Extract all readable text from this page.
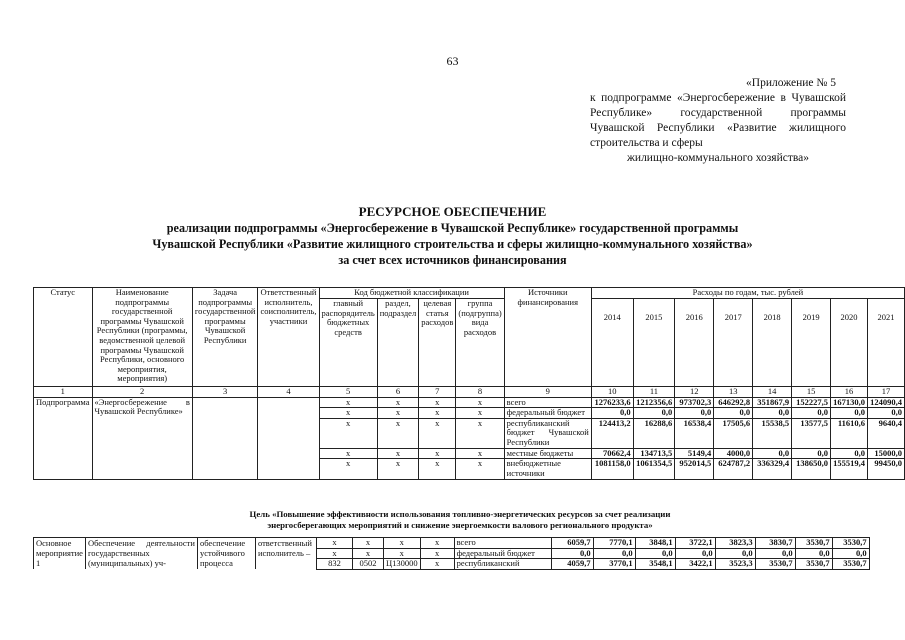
63
«Приложение № 5
к подпрограмме «Энергосбережение в Чувашской Республике» государственной программы Чувашской Республики «Развитие жилищного строительства и сферы
жилищно-коммунального хозяйства»
РЕСУРСНОЕ ОБЕСПЕЧЕНИЕ
реализации подпрограммы «Энергосбережение в Чувашской Республике» государственной программы
Чувашской Республики «Развитие жилищного строительства и сферы жилищно-коммунального хозяйства»
за счет всех источников финансирования
Статус	Наименование подпрограммы государственной программы Чувашской Республики (программы, ведомственной целевой программы Чувашской Республики, основного мероприятия, мероприятия)	Задача подпрограммы государственной программы Чувашской Республики	Ответственный исполнитель, соисполнитель, участники	Код бюджетной классификации				Источники финансирования	Расходы по годам, тыс. рублей							
				главный распорядитель бюджетных средств	раздел, подраздел	целевая статья расходов	группа (подгруппа) вида расходов		2014	2015	2016	2017	2018	2019	2020	2021
1	2	3	4	5	6	7	8	9	10	11	12	13	14	15	16	17
Подпрограмма	«Энергосбережение в Чувашской Республике»			x	x	x	x	всего	1276233,6	1212356,6	973702,3	646292,8	351867,9	152227,5	167130,0	124090,4
				x	x	x	x	федеральный бюджет	0,0	0,0	0,0	0,0	0,0	0,0	0,0	0,0
				x	x	x	x	республиканский бюджет Чувашской Республики	124413,2	16288,6	16538,4	17505,6	15538,5	13577,5	11610,6	9640,4
				x	x	x	x	местные бюджеты	70662,4	134713,5	5149,4	4000,0	0,0	0,0	0,0	15000,0
				x	x	x	x	внебюджетные источники	1081158,0	1061354,5	952014,5	624787,2	336329,4	138650,0	155519,4	99450,0
Цель «Повышение эффективности использования топливно-энергетических ресурсов за счет реализации
энергосберегающих мероприятий и снижение энергоемкости валового регионального продукта»
Основное мероприятие 1	Обеспечение деятельности государственных (муниципальных) уч-	обеспечение устойчивого процесса	ответственный исполнитель –	x	x	x	x	всего	6059,7	7770,1	3848,1	3722,1	3823,3	3830,7	3530,7	3530,7
				x	x	x	x	федеральный бюджет	0,0	0,0	0,0	0,0	0,0	0,0	0,0	0,0
				832	0502	Ц130000	x	республиканский	4059,7	3770,1	3548,1	3422,1	3523,3	3530,7	3530,7	3530,7
